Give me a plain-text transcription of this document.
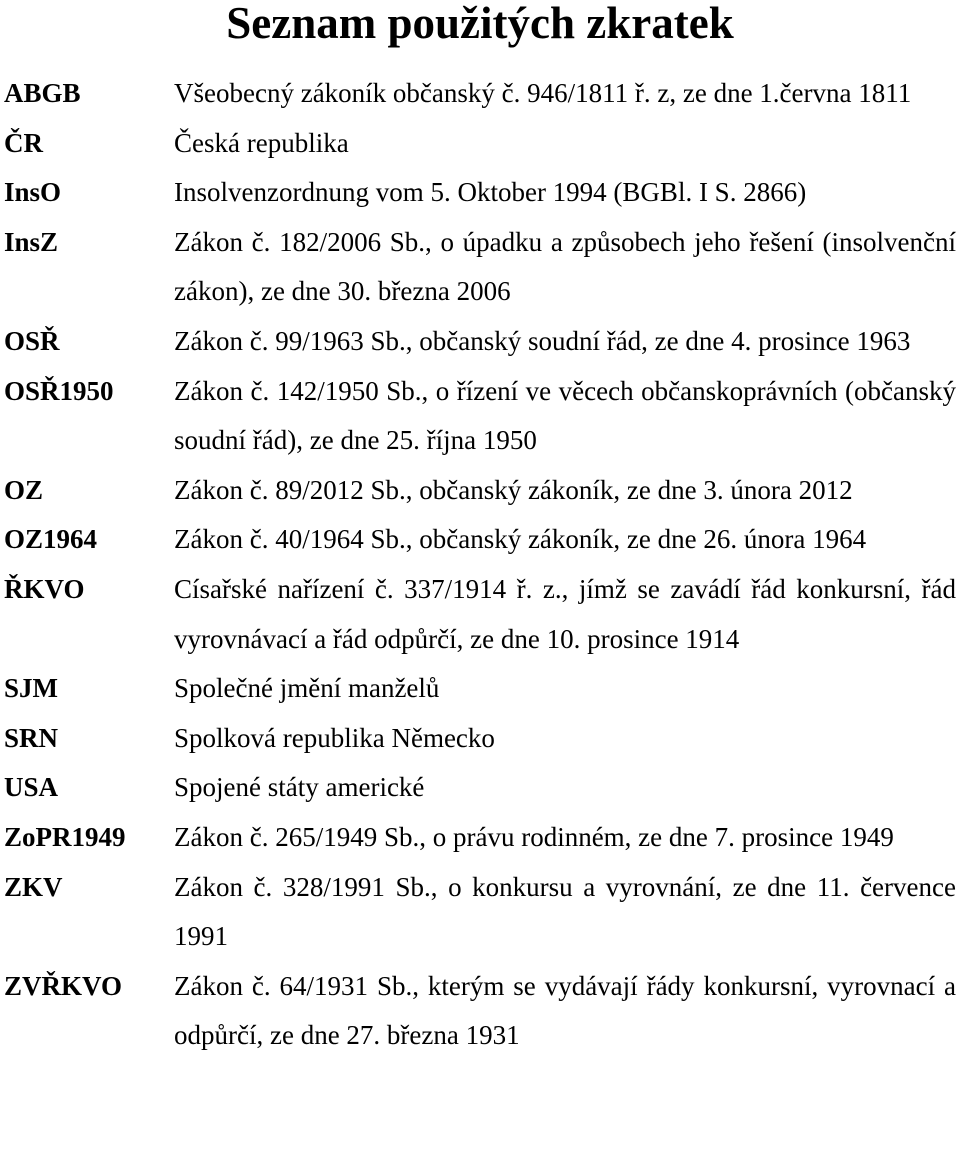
Seznam použitých zkratek
ABGB	Všeobecný zákoník občanský č. 946/1811 ř. z, ze dne 1.června 1811
ČR	Česká republika
InsO	Insolvenzordnung vom 5. Oktober 1994 (BGBl. I S. 2866)
InsZ	Zákon č. 182/2006 Sb., o úpadku a způsobech jeho řešení (insolvenční zákon), ze dne 30. března 2006
OSŘ	Zákon č. 99/1963 Sb., občanský soudní řád, ze dne 4. prosince 1963
OSŘ1950 Zákon č. 142/1950 Sb., o řízení ve věcech občanskoprávních (občanský soudní řád), ze dne 25. října 1950
OZ	Zákon č. 89/2012 Sb., občanský zákoník, ze dne 3. února 2012
OZ1964	Zákon č. 40/1964 Sb., občanský zákoník, ze dne 26. února 1964
ŘKVO	Císařské nařízení č. 337/1914 ř. z., jímž se zavádí řád konkursní, řád vyrovnávací a řád odpůrčí, ze dne 10. prosince 1914
SJM	Společné jmění manželů
SRN	Spolková republika Německo
USA	Spojené státy americké
ZoPR1949 Zákon č. 265/1949 Sb., o právu rodinném, ze dne 7. prosince 1949
ZKV	Zákon č. 328/1991 Sb., o konkursu a vyrovnání, ze dne 11. července 1991
ZVŘKVO Zákon č. 64/1931 Sb., kterým se vydávají řády konkursní, vyrovnací a odpůrčí, ze dne 27. března 1931
